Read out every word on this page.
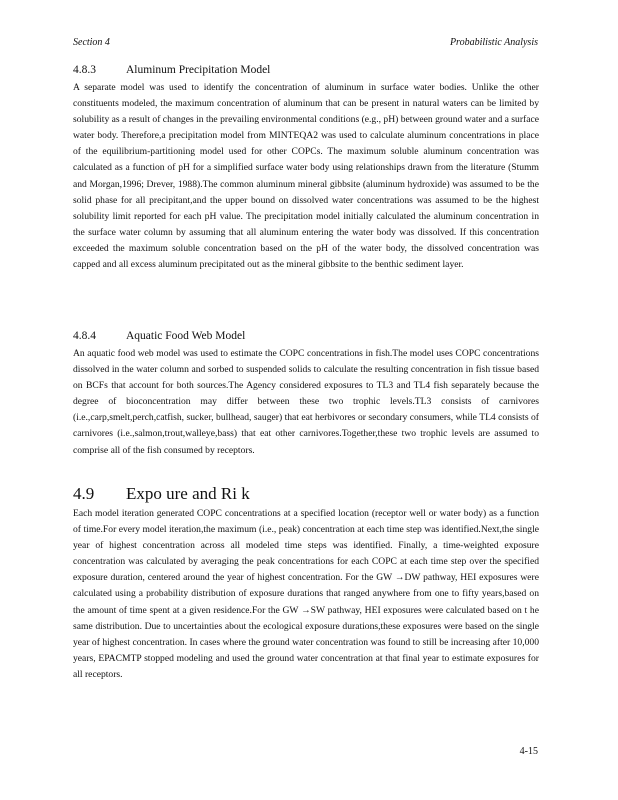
Section 4	Probabilistic Analysis
4.8.3	Aluminum Precipitation Model
A separate model was used to identify the concentration of aluminum in surface water bodies. Unlike the other constituents modeled, the maximum concentration of aluminum that can be present in natural waters can be limited by solubility as a result of changes in the prevailing environmental conditions (e.g., pH) between ground water and a surface water body. Therefore,a precipitation model from MINTEQA2 was used to calculate aluminum concentrations in place of the equilibrium-partitioning model used for other COPCs. The maximum soluble aluminum concentration was calculated as a function of pH for a simplified surface water body using relationships drawn from the literature (Stumm and Morgan,1996; Drever, 1988).The common aluminum mineral gibbsite (aluminum hydroxide) was assumed to be the solid phase for all precipitant,and the upper bound on dissolved water concentrations was assumed to be the highest solubility limit reported for each pH value. The precipitation model initially calculated the aluminum concentration in the surface water column by assuming that all aluminum entering the water body was dissolved. If this concentration exceeded the maximum soluble concentration based on the pH of the water body, the dissolved concentration was capped and all excess aluminum precipitated out as the mineral gibbsite to the benthic sediment layer.
4.8.4	Aquatic Food Web Model
An aquatic food web model was used to estimate the COPC concentrations in fish.The model uses COPC concentrations dissolved in the water column and sorbed to suspended solids to calculate the resulting concentration in fish tissue based on BCFs that account for both sources.The Agency considered exposures to TL3 and TL4 fish separately because the degree of bioconcentration may differ between these two trophic levels.TL3 consists of carnivores (i.e.,carp,smelt,perch,catfish, sucker, bullhead, sauger) that eat herbivores or secondary consumers, while TL4 consists of carnivores (i.e.,salmon,trout,walleye,bass) that eat other carnivores.Together,these two trophic levels are assumed to comprise all of the fish consumed by receptors.
4.9 Expo ure and Ri k
Each model iteration generated COPC concentrations at a specified location (receptor well or water body) as a function of time.For every model iteration,the maximum (i.e., peak) concentration at each time step was identified.Next,the single year of highest concentration across all modeled time steps was identified. Finally, a time-weighted exposure concentration was calculated by averaging the peak concentrations for each COPC at each time step over the specified exposure duration, centered around the year of highest concentration. For the GW →DW pathway, HEI exposures were calculated using a probability distribution of exposure durations that ranged anywhere from one to fifty years,based on the amount of time spent at a given residence.For the GW →SW pathway, HEI exposures were calculated based on t he same distribution. Due to uncertainties about the ecological exposure durations,these exposures were based on the single year of highest concentration. In cases where the ground water concentration was found to still be increasing after 10,000 years, EPACMTP stopped modeling and used the ground water concentration at that final year to estimate exposures for all receptors.
4-15
